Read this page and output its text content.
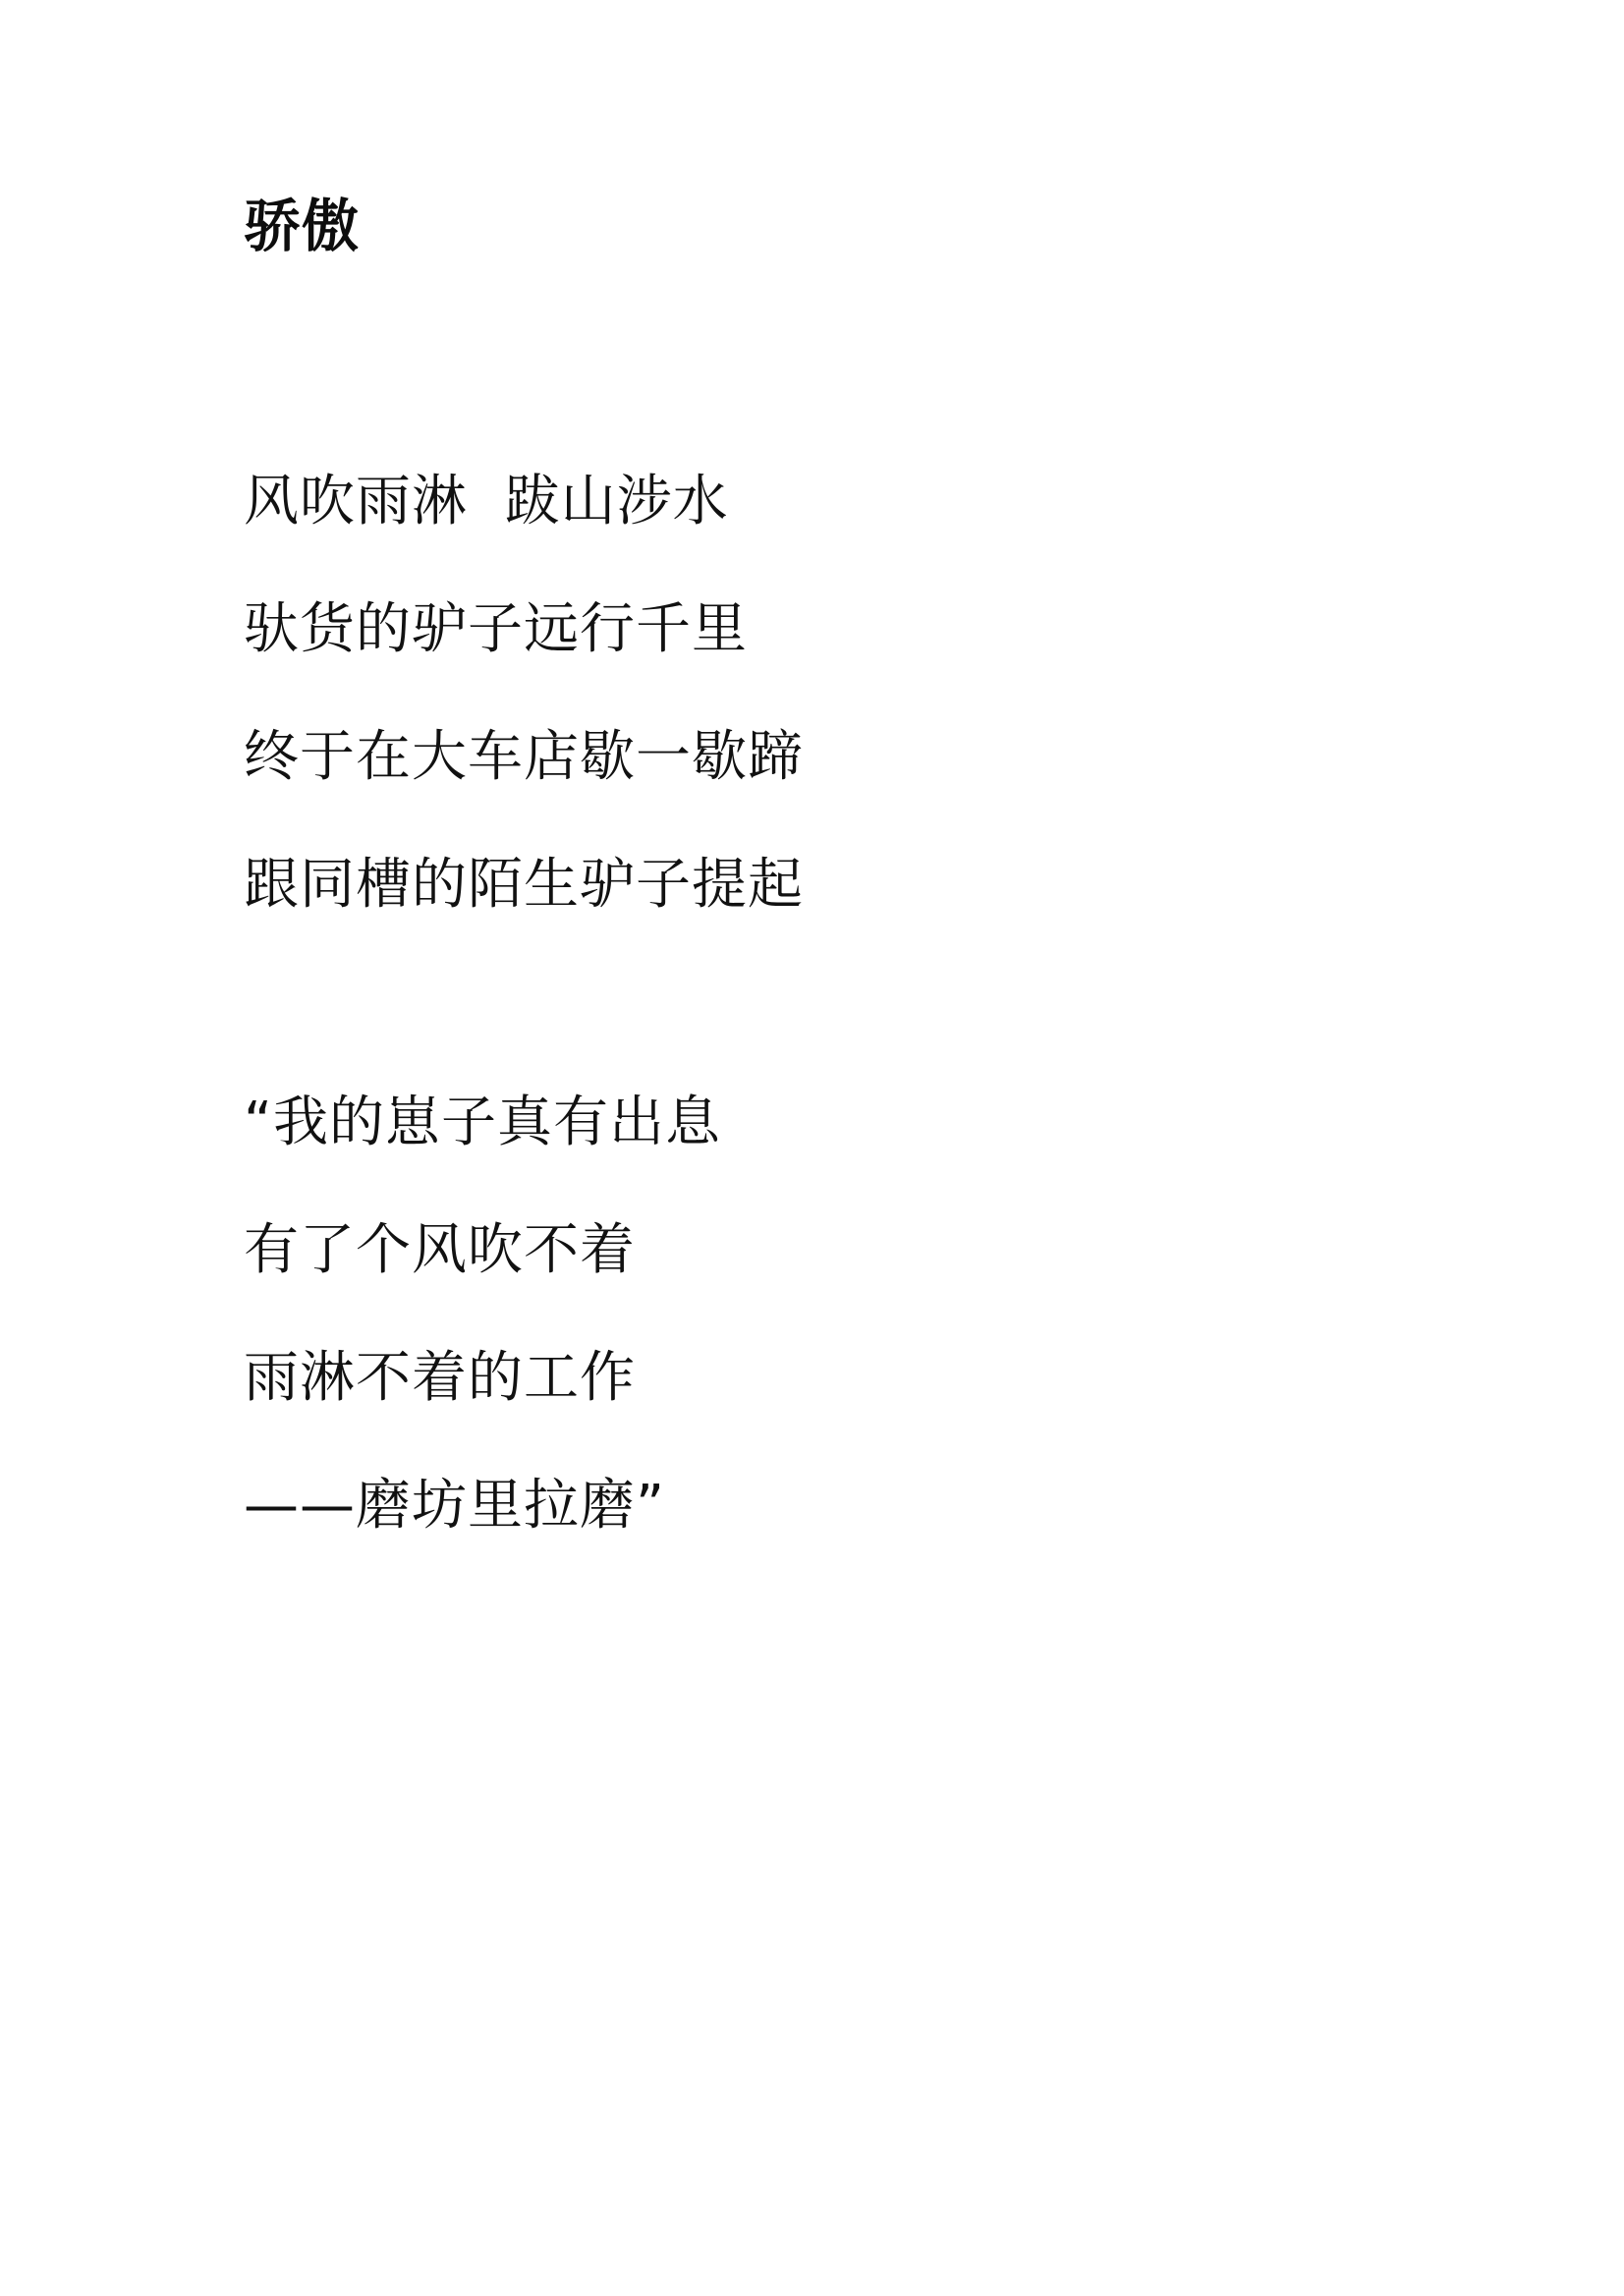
骄傲
风吹雨淋  跋山涉水
驮货的驴子远行千里
终于在大车店歇一歇蹄
跟同槽的陌生驴子提起
“我的崽子真有出息
有了个风吹不着
雨淋不着的工作
——磨坊里拉磨”
